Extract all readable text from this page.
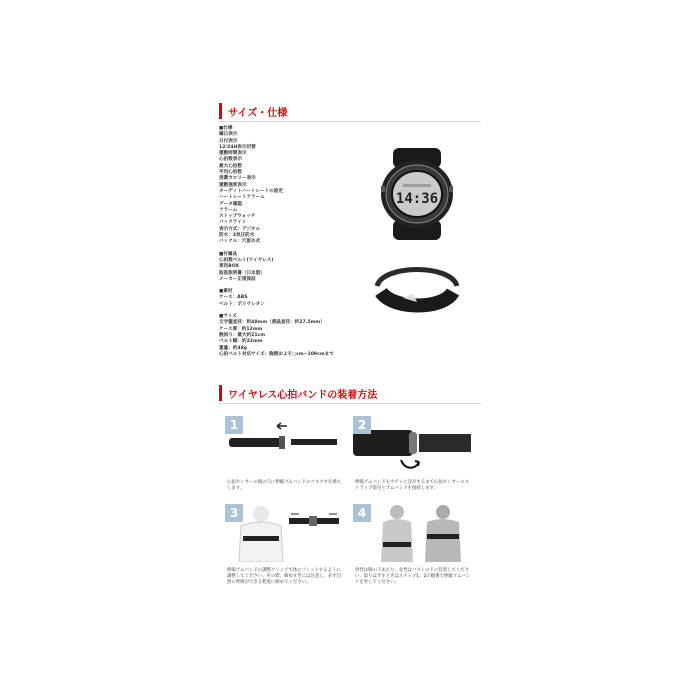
サイズ・仕様
■仕様
曜日表示
日付表示
12/24H表示切替
運動時間表示
心拍数表示
最大心拍数
平均心拍数
消費カロリー表示
運動強度表示
ターゲットハートレートの設定
ハートレートアラーム
データ確認
アラーム
ストップウォッチ
バックライト
表示方式：デジタル
防水：3気圧防水
バックル：穴留め式
■付属品
心拍数ベルト(ワイヤレス)
専用BOX
取扱説明書（日本語）
メーカー正規保証
■素材
ケース：ABS
ベルト：ポリウレタン
■サイズ
文字盤直径：約48mm（液晶直径：約27.5mm）
ケース厚：約12mm
腕回り：最大約21cm
ベルト幅：約22mm
重量：約48g
心拍ベルト対応サイズ：胸囲およそ○cm~109cmまで
14:36
ワイヤレス心拍バンドの装着方法
1
心拍センサーの端の穴に伸縮ゴムバンドのコネクタを挿入します。
2
伸縮ゴムバンドをカチッと音がするまで心拍センサーのストラップ部分とゴムバンドを接続します。
3
伸縮ゴムバンドの調整クリップで体にフィットするように調整してください。その際、締めすぎには注意し、必ず自然に呼吸ができる程度に締めてください。
4
男性は胸の下あたり、女性はバストの下に装着してください。取りはずすときはスナップ1、2の順番で伸縮ゴムバンドを外してください。
